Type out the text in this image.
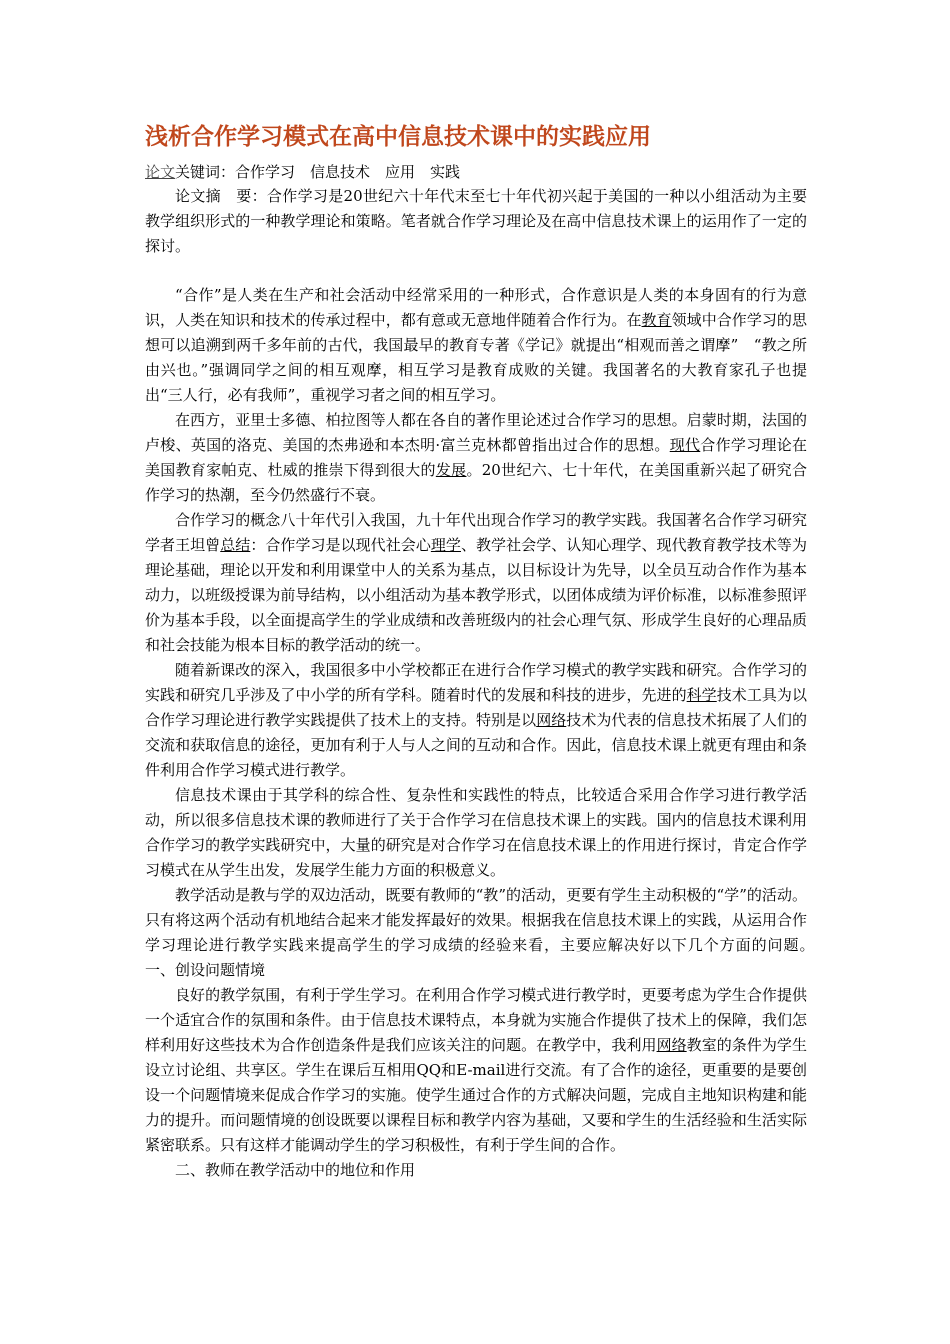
浅析合作学习模式在高中信息技术课中的实践应用
论文关键词：合作学习　信息技术　应用　实践

论文摘　要：合作学习是20世纪六十年代末至七十年代初兴起于美国的一种以小组活动为主要教学组织形式的一种教学理论和策略。笔者就合作学习理论及在高中信息技术课上的运用作了一定的探讨。

“合作”是人类在生产和社会活动中经常采用的一种形式，合作意识是人类的本身固有的行为意识，人类在知识和技术的传承过程中，都有意或无意地伴随着合作行为。在教育领域中合作学习的思想可以追溯到两千多年前的古代，我国最早的教育专著《学记》就提出“相观而善之谓摩”　“教之所由兴也。”强调同学之间的相互观摩，相互学习是教育成败的关键。我国著名的大教育家孔子也提出“三人行，必有我师”，重视学习者之间的相互学习。

在西方，亚里士多德、柏拉图等人都在各自的著作里论述过合作学习的思想。启蒙时期，法国的卢梭、英国的洛克、美国的杰弗逊和本杰明·富兰克林都曾指出过合作的思想。现代合作学习理论在美国教育家帕克、杜威的推崇下得到很大的发展。20世纪六、七十年代，在美国重新兴起了研究合作学习的热潮，至今仍然盛行不衰。

合作学习的概念八十年代引入我国，九十年代出现合作学习的教学实践。我国著名合作学习研究学者王坦曾总结：合作学习是以现代社会心理学、教学社会学、认知心理学、现代教育教学技术等为理论基础，理论以开发和利用课堂中人的关系为基点，以目标设计为先导，以全员互动合作作为基本动力，以班级授课为前导结构，以小组活动为基本教学形式，以团体成绩为评价标准，以标准参照评价为基本手段，以全面提高学生的学业成绩和改善班级内的社会心理气氛、形成学生良好的心理品质和社会技能为根本目标的教学活动的统一。

随着新课改的深入，我国很多中小学校都正在进行合作学习模式的教学实践和研究。合作学习的实践和研究几乎涉及了中小学的所有学科。随着时代的发展和科技的进步，先进的科学技术工具为以合作学习理论进行教学实践提供了技术上的支持。特别是以网络技术为代表的信息技术拓展了人们的交流和获取信息的途径，更加有利于人与人之间的互动和合作。因此，信息技术课上就更有理由和条件利用合作学习模式进行教学。

信息技术课由于其学科的综合性、复杂性和实践性的特点，比较适合采用合作学习进行教学活动，所以很多信息技术课的教师进行了关于合作学习在信息技术课上的实践。国内的信息技术课利用合作学习的教学实践研究中，大量的研究是对合作学习在信息技术课上的作用进行探讨，肯定合作学习模式在从学生出发，发展学生能力方面的积极意义。

教学活动是教与学的双边活动，既要有教师的“教”的活动，更要有学生主动积极的“学”的活动。只有将这两个活动有机地结合起来才能发挥最好的效果。根据我在信息技术课上的实践，从运用合作学习理论进行教学实践来提高学生的学习成绩的经验来看，主要应解决好以下几个方面的问题。　一、创设问题情境

良好的教学氛围，有利于学生学习。在利用合作学习模式进行教学时，更要考虑为学生合作提供一个适宜合作的氛围和条件。由于信息技术课特点，本身就为实施合作提供了技术上的保障，我们怎样利用好这些技术为合作创造条件是我们应该关注的问题。在教学中，我利用网络教室的条件为学生设立讨论组、共享区。学生在课后互相用QQ和E-mail进行交流。有了合作的途径，更重要的是要创设一个问题情境来促成合作学习的实施。使学生通过合作的方式解决问题，完成自主地知识构建和能力的提升。而问题情境的创设既要以课程目标和教学内容为基础，又要和学生的生活经验和生活实际紧密联系。只有这样才能调动学生的学习积极性，有利于学生间的合作。

二、教师在教学活动中的地位和作用
